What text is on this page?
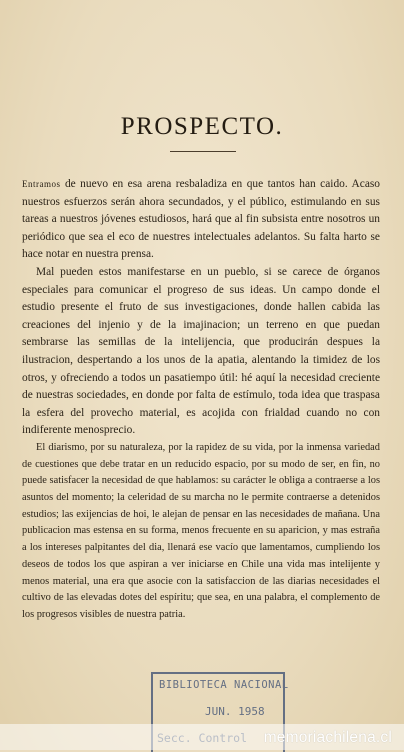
PROSPECTO.

Entramos de nuevo en esa arena resbaladiza en que tantos han caido. Acaso nuestros esfuerzos serán ahora secundados, y el público, estimulando en sus tareas a nuestros jóvenes estudiosos, hará que al fin subsista entre nosotros un periódico que sea el eco de nuestres intelectuales adelantos. Su falta harto se hace notar en nuestra prensa.

Mal pueden estos manifestarse en un pueblo, si se carece de órganos especiales para comunicar el progreso de sus ideas. Un campo donde el estudio presente el fruto de sus investigaciones, donde hallen cabida las creaciones del injenio y de la imajinacion; un terreno en que puedan sembrarse las semillas de la intelijencia, que producirán despues la ilustracion, despertando a los unos de la apatia, alentando la timidez de los otros, y ofreciendo a todos un pasatiempo útil: hé aquí la necesidad creciente de nuestras sociedades, en donde por falta de estímulo, toda idea que traspasa la esfera del provecho material, es acojida con frialdad cuando no con indiferente menosprecio.

El diarismo, por su naturaleza, por la rapidez de su vida, por la inmensa variedad de cuestiones que debe tratar en un reducido espacio, por su modo de ser, en fin, no puede satisfacer la necesidad de que hablamos: su carácter le obliga a contraerse a los asuntos del momento; la celeridad de su marcha no le permite contraerse a detenidos estudios; las exijencias de hoi, le alejan de pensar en las necesidades de mañana. Una publicacion mas estensa en su forma, menos frecuente en su aparicion, y mas estraña a los intereses palpitantes del dia, llenará ese vacío que lamentamos, cumpliendo los deseos de todos los que aspiran a ver iniciarse en Chile una vida mas intelijente y menos material, una era que asocie con la satisfaccion de las diarias necesidades el cultivo de las elevadas dotes del espíritu; que sea, en una palabra, el complemento de los progresos visibles de nuestra patria.

BIBLIOTECA NACIONAL
JUN. 1958
memoriachilena.cl
